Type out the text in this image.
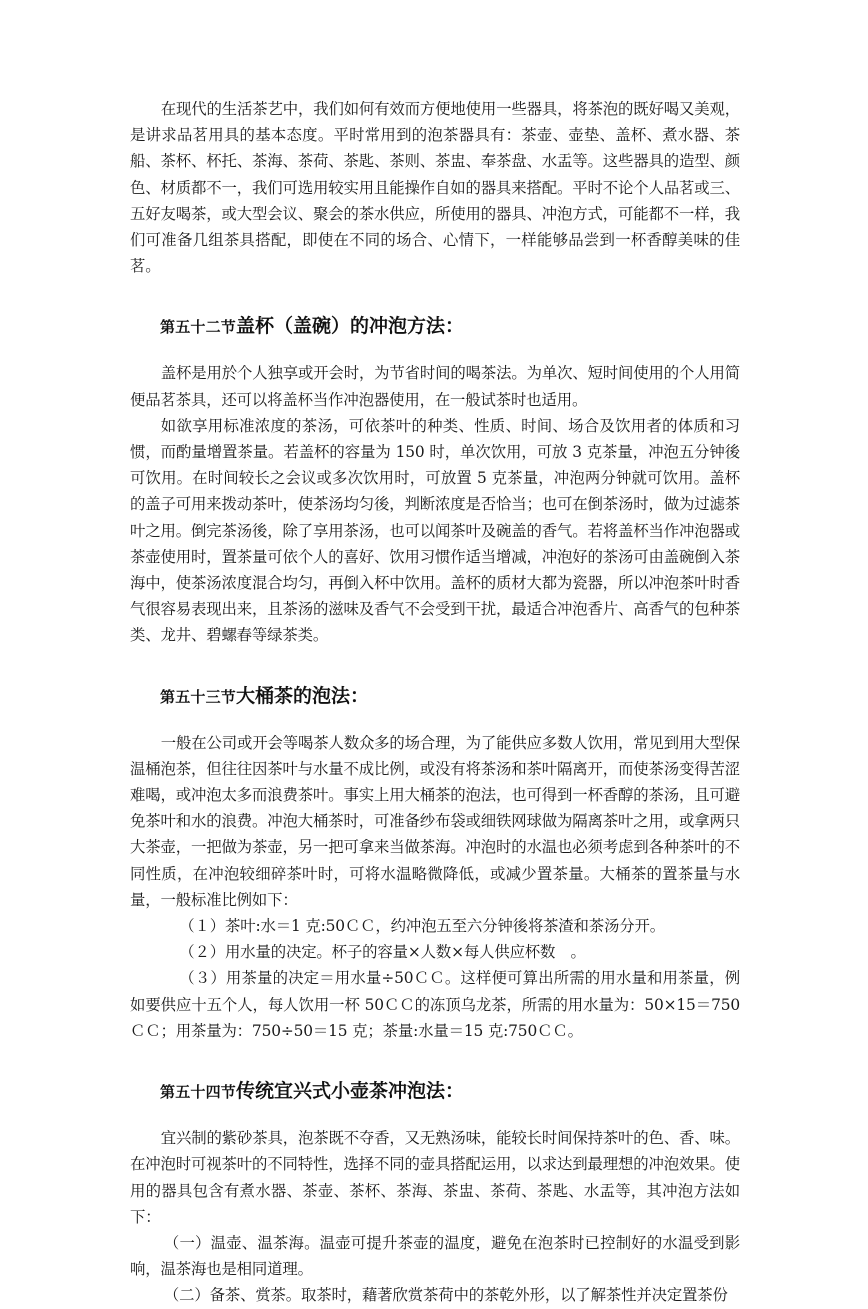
在现代的生活茶艺中，我们如何有效而方便地使用一些器具，将茶泡的既好喝又美观，是讲求品茗用具的基本态度。平时常用到的泡茶器具有：茶壶、壶垫、盖杯、煮水器、茶船、茶杯、杯托、茶海、茶荷、茶匙、茶则、茶盅、奉茶盘、水盂等。这些器具的造型、颜色、材质都不一，我们可选用较实用且能操作自如的器具来搭配。平时不论个人品茗或三、五好友喝茶，或大型会议、聚会的茶水供应，所使用的器具、冲泡方式，可能都不一样，我们可准备几组茶具搭配，即使在不同的场合、心情下，一样能够品尝到一杯香醇美味的佳茗。

第五十二节盖杯（盖碗）的冲泡方法：

盖杯是用於个人独享或开会时，为节省时间的喝茶法。为单次、短时间使用的个人用简便品茗茶具，还可以将盖杯当作冲泡器使用，在一般试茶时也适用。

如欲享用标准浓度的茶汤，可依茶叶的种类、性质、时间、场合及饮用者的体质和习惯，而酌量增置茶量。若盖杯的容量为 150 时，单次饮用，可放 3 克茶量，冲泡五分钟後可饮用。在时间较长之会议或多次饮用时，可放置 5 克茶量，冲泡两分钟就可饮用。盖杯的盖子可用来拨动茶叶，使茶汤均匀後，判断浓度是否恰当；也可在倒茶汤时，做为过滤茶叶之用。倒完茶汤後，除了享用茶汤，也可以闻茶叶及碗盖的香气。若将盖杯当作冲泡器或茶壶使用时，置茶量可依个人的喜好、饮用习惯作适当增减，冲泡好的茶汤可由盖碗倒入茶海中，使茶汤浓度混合均匀，再倒入杯中饮用。盖杯的质材大都为瓷器，所以冲泡茶叶时香气很容易表现出来，且茶汤的滋味及香气不会受到干扰，最适合冲泡香片、高香气的包种茶类、龙井、碧螺春等绿茶类。

第五十三节大桶茶的泡法：

一般在公司或开会等喝茶人数众多的场合理，为了能供应多数人饮用，常见到用大型保温桶泡茶，但往往因茶叶与水量不成比例，或没有将茶汤和茶叶隔离开，而使茶汤变得苦涩难喝，或冲泡太多而浪费茶叶。事实上用大桶茶的泡法，也可得到一杯香醇的茶汤，且可避免茶叶和水的浪费。冲泡大桶茶时，可准备纱布袋或细铁网球做为隔离茶叶之用，或拿两只大茶壶，一把做为茶壶，另一把可拿来当做茶海。冲泡时的水温也必须考虑到各种茶叶的不同性质，在冲泡较细碎茶叶时，可将水温略微降低，或减少置茶量。大桶茶的置茶量与水量，一般标准比例如下：

（１）茶叶:水＝1 克:50ＣＣ，约冲泡五至六分钟後将茶渣和茶汤分开。

（２）用水量的决定。杯子的容量×人数×每人供应杯数　。

（３）用茶量的决定＝用水量÷50ＣＣ。这样便可算出所需的用水量和用茶量，例如要供应十五个人，每人饮用一杯 50ＣＣ的冻顶乌龙茶，所需的用水量为：50×15＝750ＣＣ；用茶量为：750÷50＝15 克；茶量:水量＝15 克:750ＣＣ。

第五十四节传统宜兴式小壶茶冲泡法：

宜兴制的紫砂茶具，泡茶既不夺香，又无熟汤味，能较长时间保持茶叶的色、香、味。在冲泡时可视茶叶的不同特性，选择不同的壶具搭配运用，以求达到最理想的冲泡效果。使用的器具包含有煮水器、茶壶、茶杯、茶海、茶盅、茶荷、茶匙、水盂等，其冲泡方法如下：

（一）温壶、温茶海。温壶可提升茶壶的温度，避免在泡茶时已控制好的水温受到影响，温茶海也是相同道理。

（二）备茶、赏茶。取茶时，藉著欣赏茶荷中的茶乾外形，以了解茶性并决定置茶份
